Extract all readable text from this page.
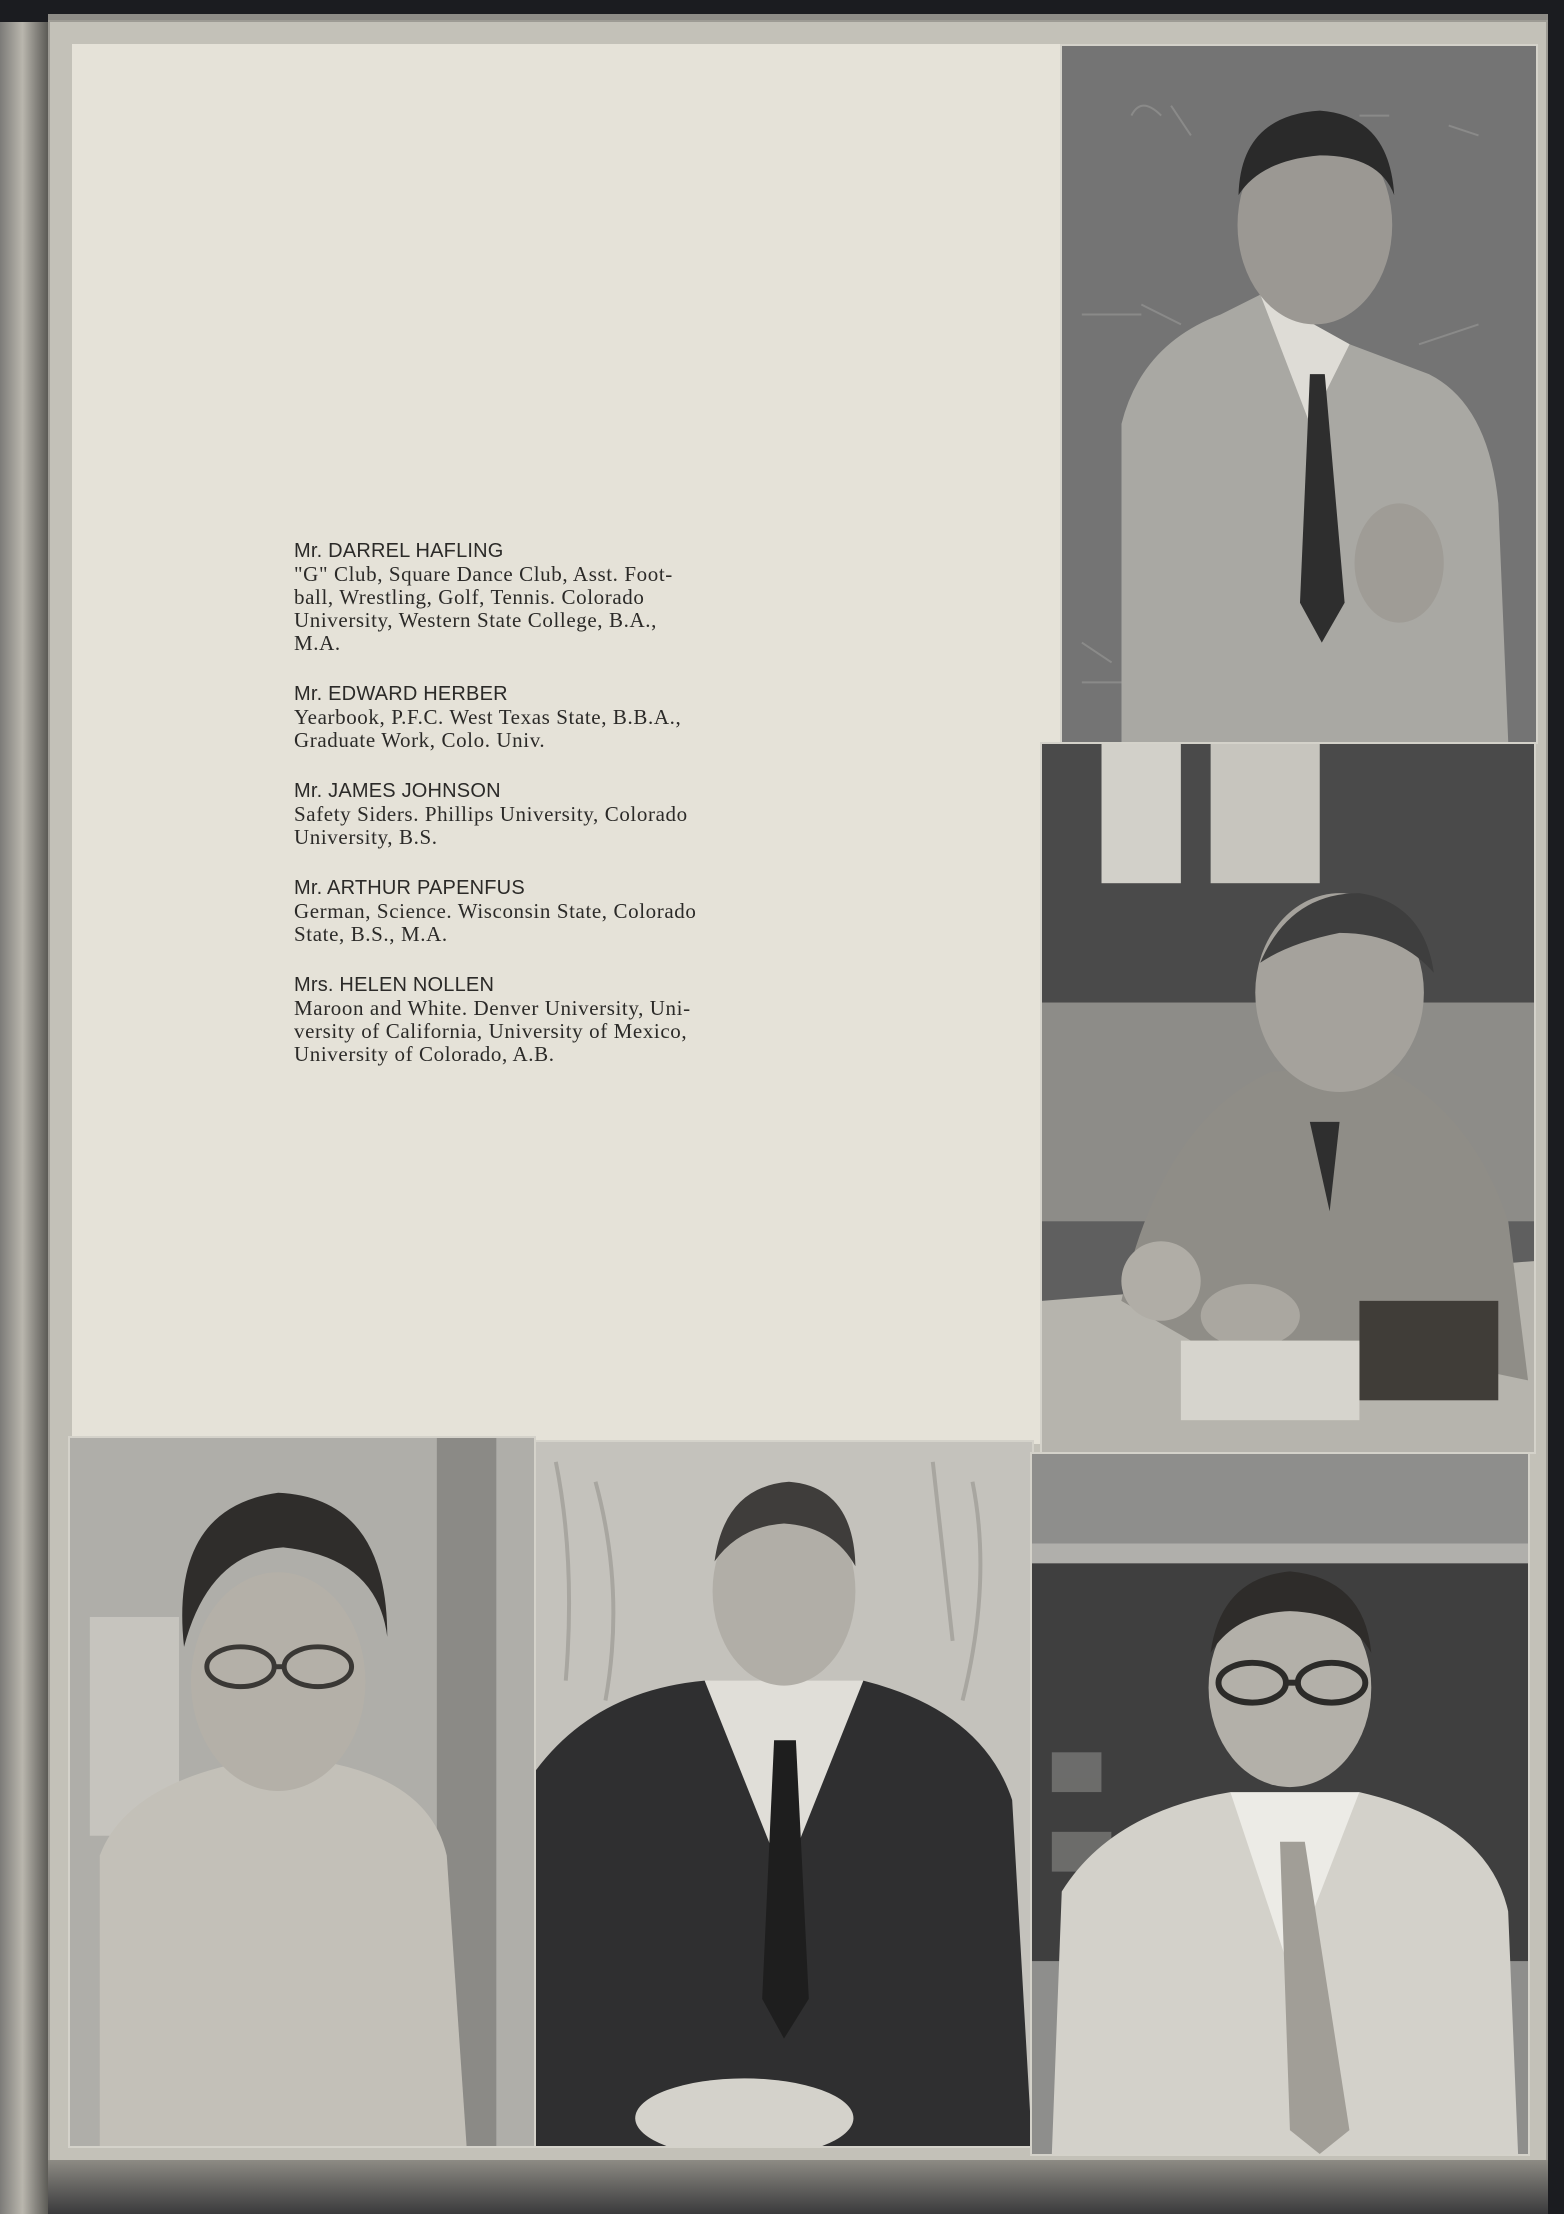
Mr. DARREL HAFLING
"G" Club, Square Dance Club, Asst. Foot-
ball, Wrestling, Golf, Tennis. Colorado
University, Western State College, B.A.,
M.A.
Mr. EDWARD HERBER
Yearbook, P.F.C. West Texas State, B.B.A.,
Graduate Work, Colo. Univ.
Mr. JAMES JOHNSON
Safety Siders. Phillips University, Colorado
University, B.S.
Mr. ARTHUR PAPENFUS
German, Science. Wisconsin State, Colorado
State, B.S., M.A.
Mrs. HELEN NOLLEN
Maroon and White. Denver University, Uni-
versity of California, University of Mexico,
University of Colorado, A.B.
